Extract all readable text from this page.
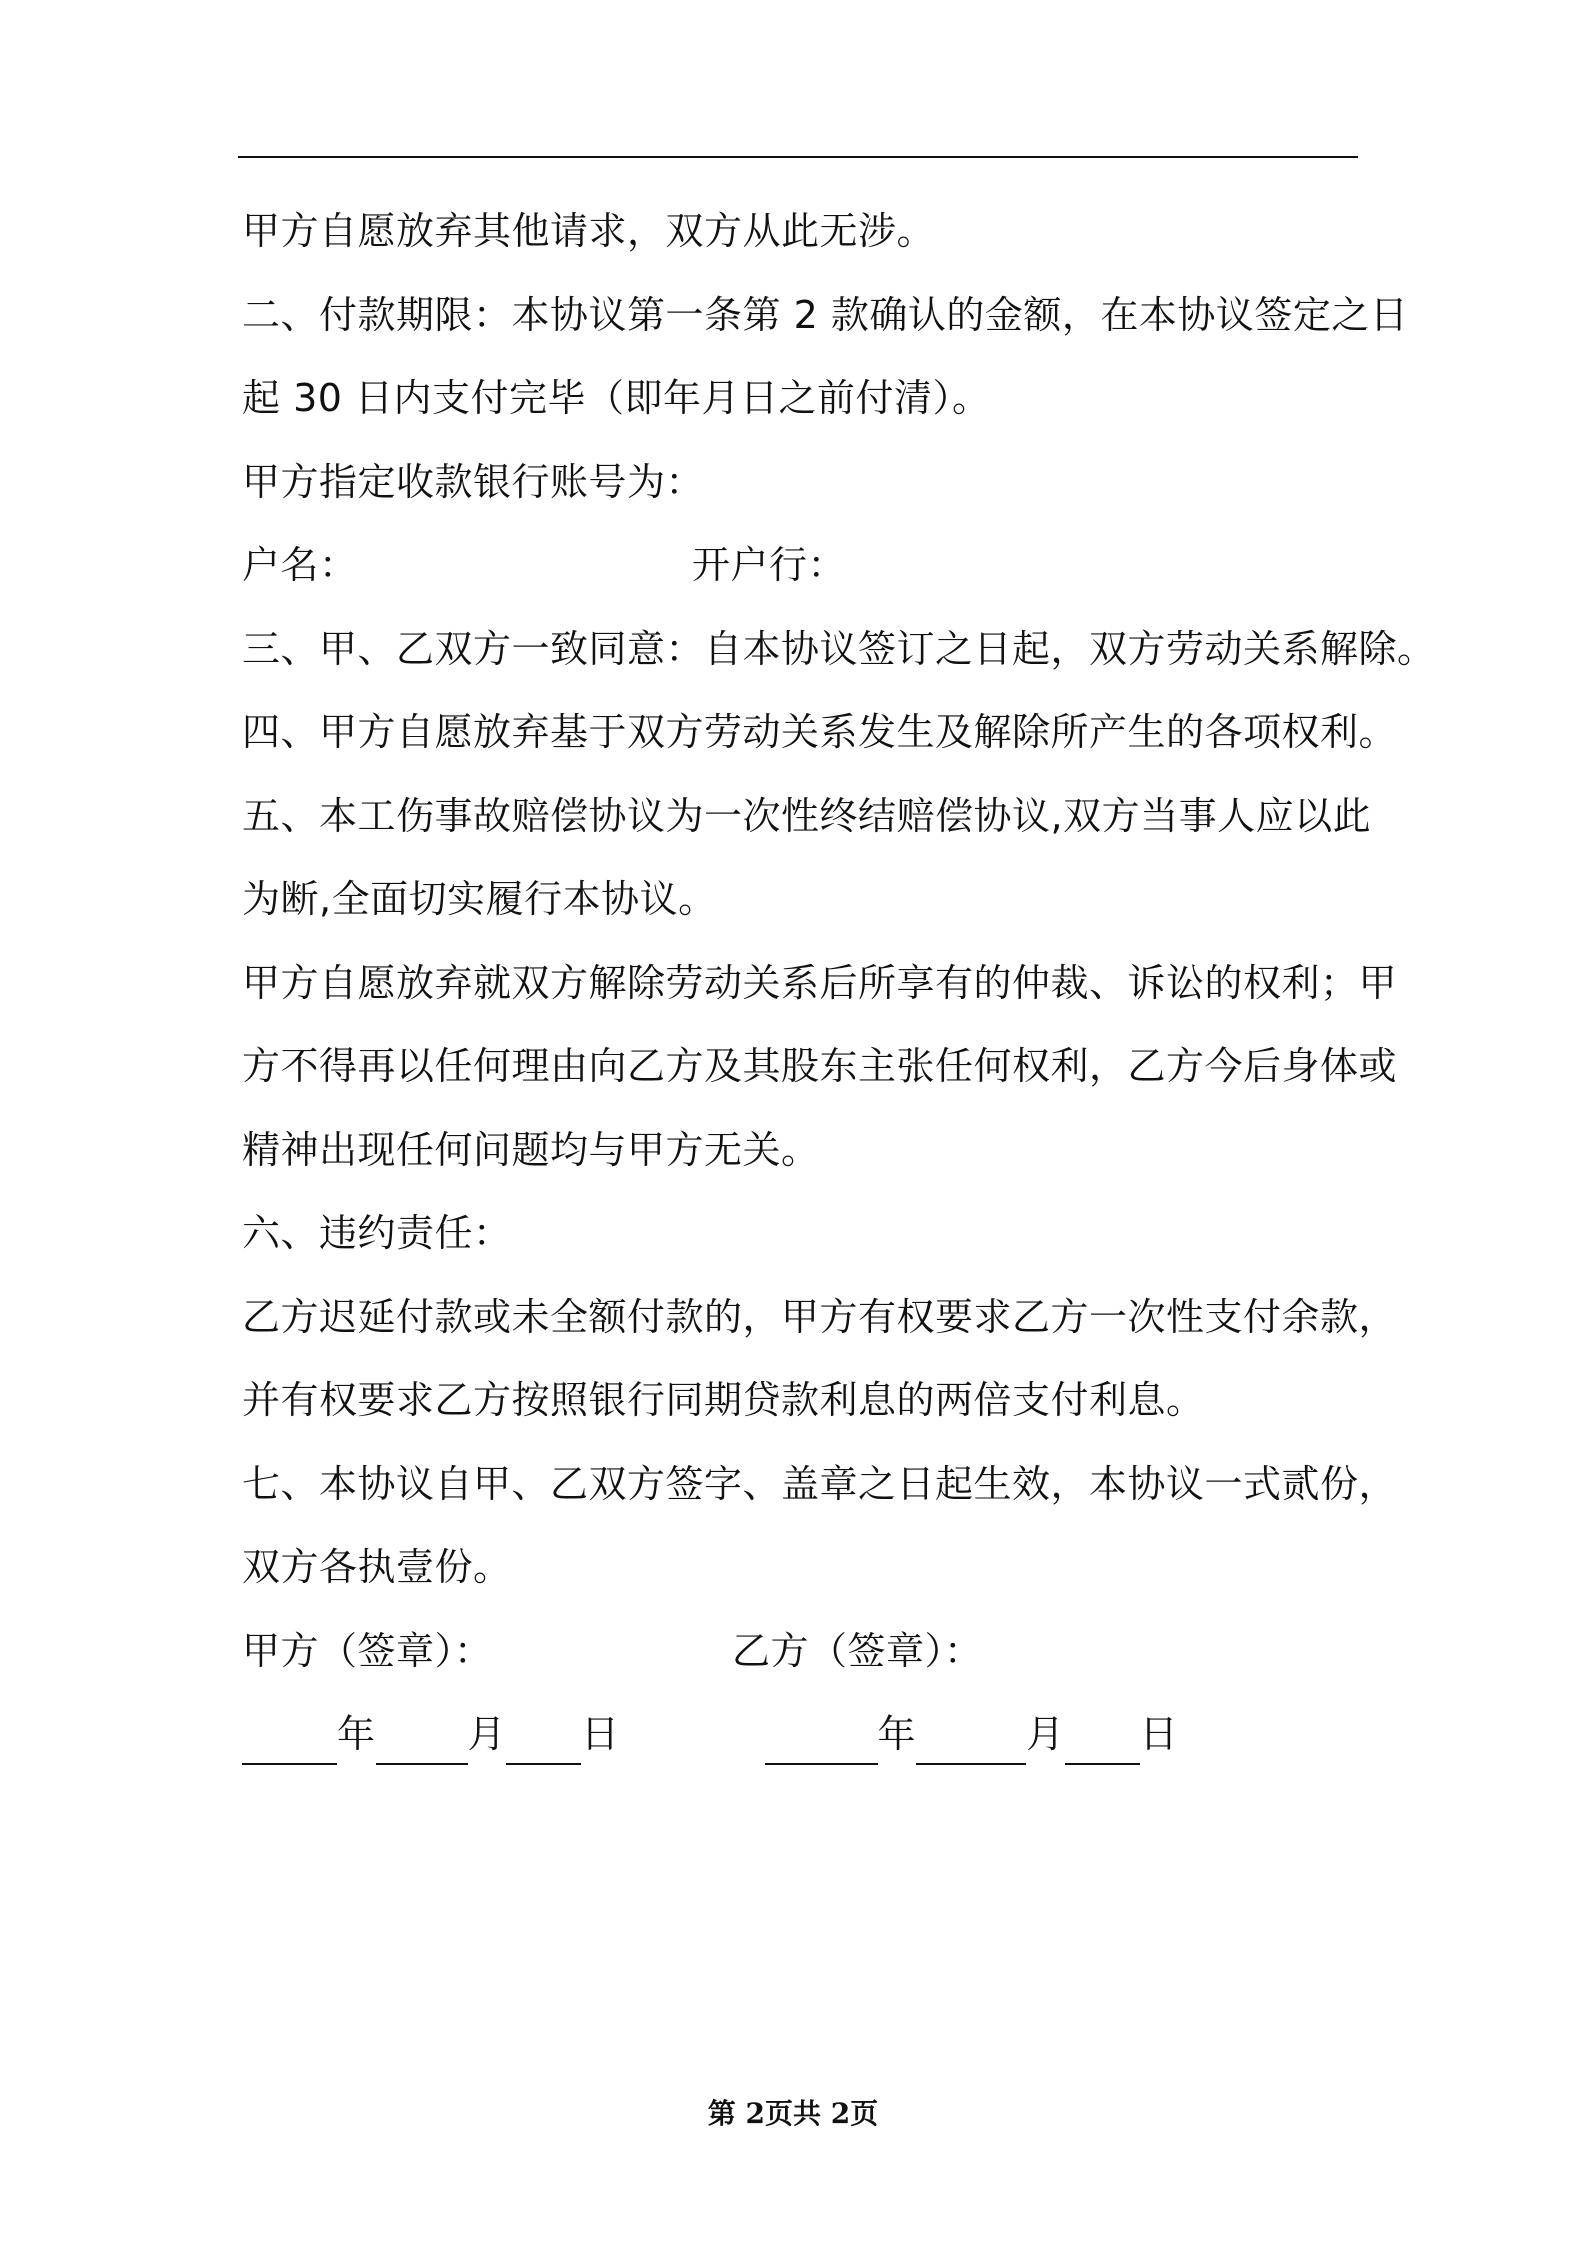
甲方自愿放弃其他请求，双方从此无涉。
二、付款期限：本协议第一条第 2 款确认的金额，在本协议签定之日
起 30 日内支付完毕（即年月日之前付清）。
甲方指定收款银行账号为：
户名：	开户行：
三、甲、乙双方一致同意：自本协议签订之日起，双方劳动关系解除。
四、甲方自愿放弃基于双方劳动关系发生及解除所产生的各项权利。
五、本工伤事故赔偿协议为一次性终结赔偿协议,双方当事人应以此
为断,全面切实履行本协议。
甲方自愿放弃就双方解除劳动关系后所享有的仲裁、诉讼的权利；甲
方不得再以任何理由向乙方及其股东主张任何权利，乙方今后身体或
精神出现任何问题均与甲方无关。
六、违约责任：
乙方迟延付款或未全额付款的，甲方有权要求乙方一次性支付余款，
并有权要求乙方按照银行同期贷款利息的两倍支付利息。
七、本协议自甲、乙双方签字、盖章之日起生效，本协议一式贰份，
双方各执壹份。
甲方（签章）：	乙方（签章）：
年 月 日	年	月 日
第 2页共 2页
